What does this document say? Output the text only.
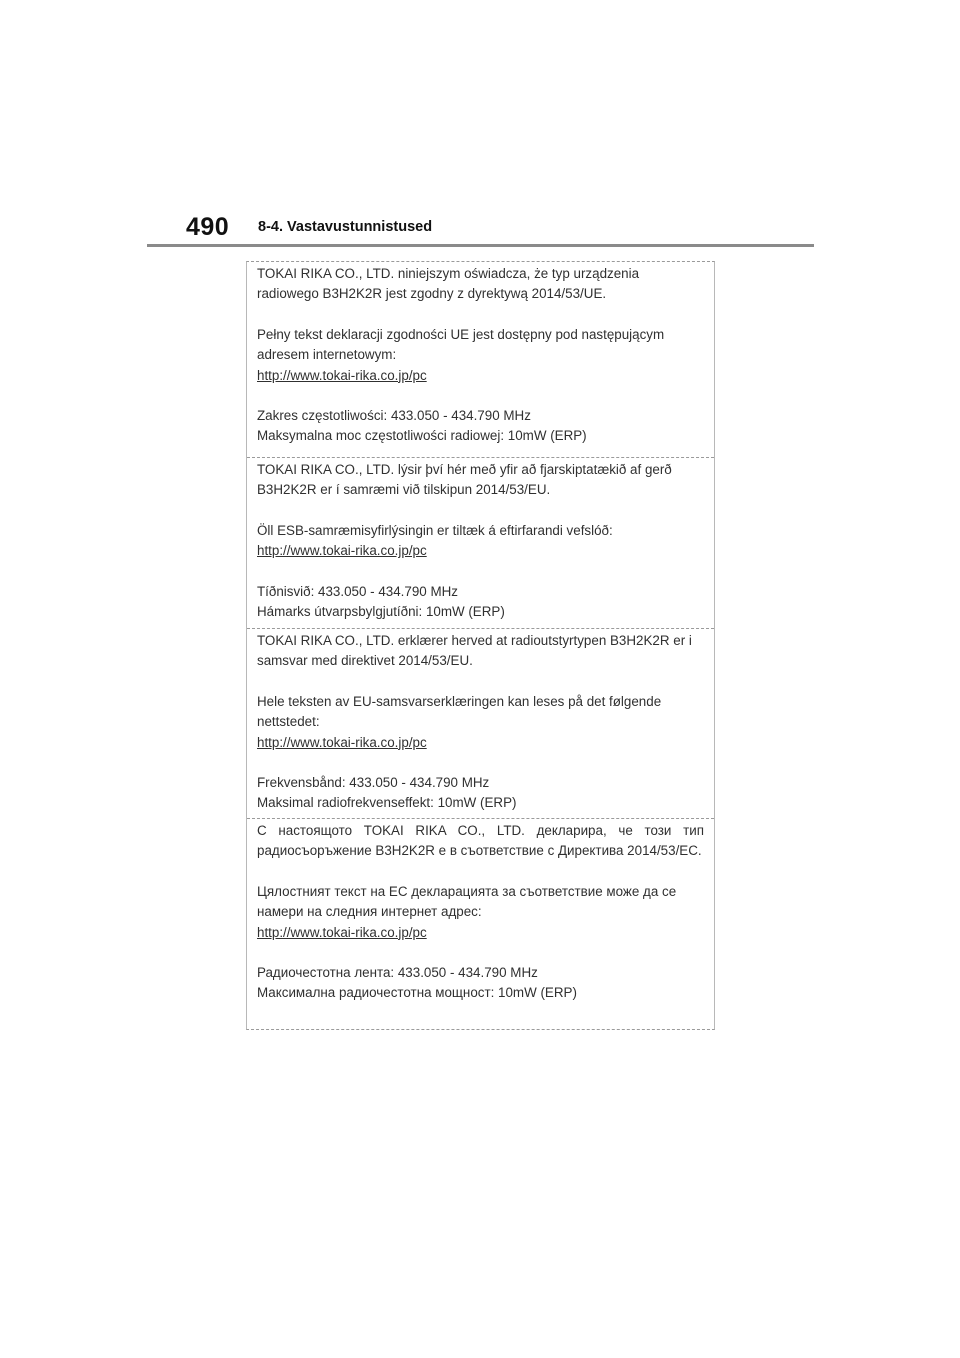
490 8-4. Vastavustunnistused

TOKAI RIKA CO., LTD. niniejszym oświadcza, że typ urządzenia radiowego B3H2K2R jest zgodny z dyrektywą 2014/53/UE.

Pełny tekst deklaracji zgodności UE jest dostępny pod następującym adresem internetowym:
http://www.tokai-rika.co.jp/pc

Zakres częstotliwości: 433.050 - 434.790 MHz
Maksymalna moc częstotliwości radiowej: 10mW (ERP)

TOKAI RIKA CO., LTD. lýsir því hér með yfir að fjarskiptatækið af gerð B3H2K2R er í samræmi við tilskipun 2014/53/EU.

Öll ESB-samræmisyfirlýsingin er tiltæk á eftirfarandi vefslóð:
http://www.tokai-rika.co.jp/pc

Tíðnisvið: 433.050 - 434.790 MHz
Hámarks útvarpsbylgjutíðni: 10mW (ERP)

TOKAI RIKA CO., LTD. erklærer herved at radioutstyrtypen B3H2K2R er i samsvar med direktivet 2014/53/EU.

Hele teksten av EU-samsvarserklæringen kan leses på det følgende nettstedet:
http://www.tokai-rika.co.jp/pc

Frekvensbånd: 433.050 - 434.790 MHz
Maksimal radiofrekvenseffekt: 10mW (ERP)

С настоящото TOKAI RIKA CO., LTD. декларира, че този тип радиосъоръжение B3H2K2R е в съответствие с Директива 2014/53/ЕС.

Цялостният текст на ЕС декларацията за съответствие може да се намери на следния интернет адрес:
http://www.tokai-rika.co.jp/pc

Радиочестотна лента: 433.050 - 434.790 MHz
Максимална радиочестотна мощност: 10mW (ERP)
